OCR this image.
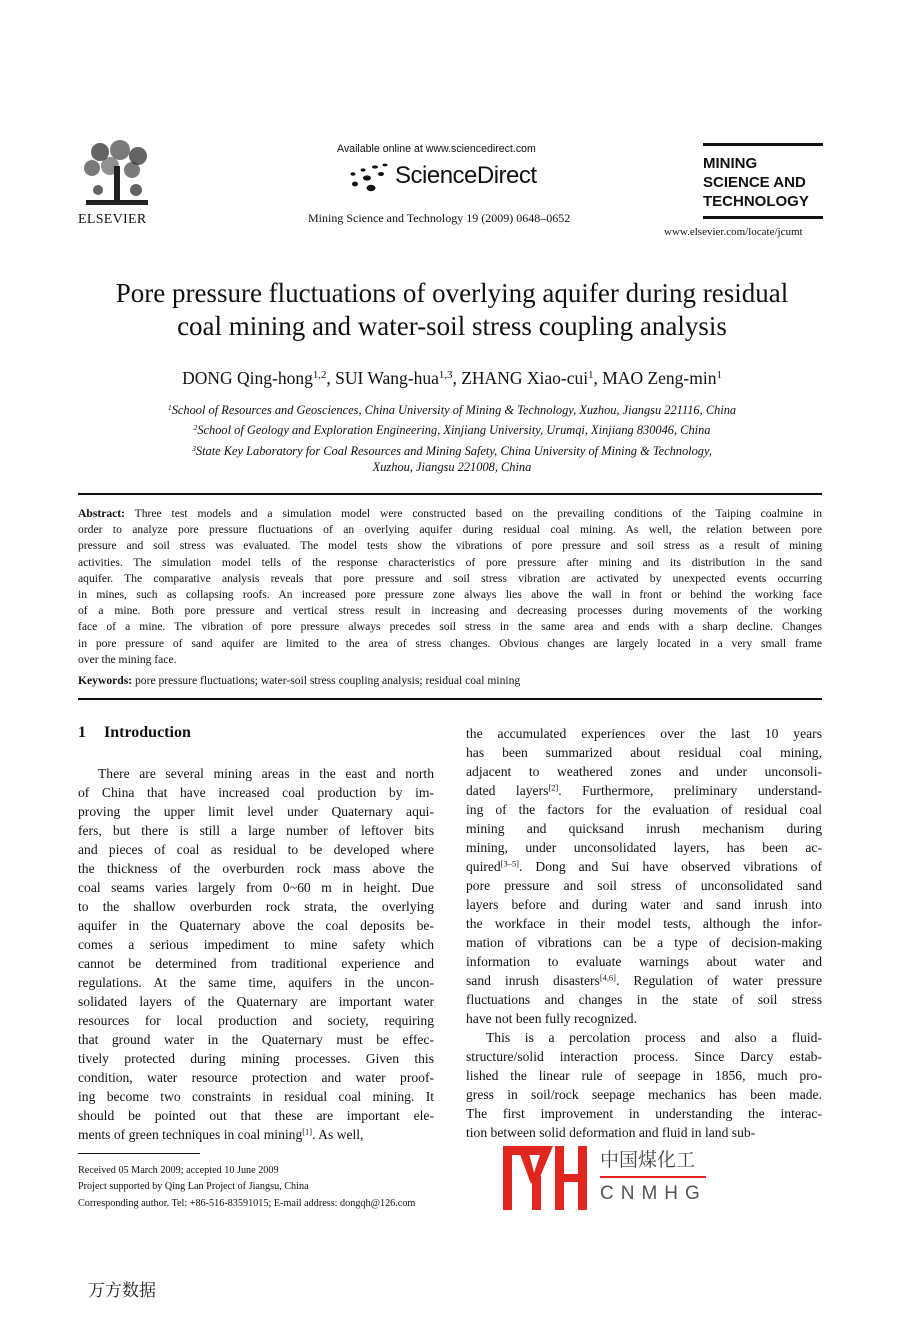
ELSEVIER
Available online at www.sciencedirect.com
ScienceDirect
Mining Science and Technology 19 (2009) 0648–0652
MINING
SCIENCE AND
TECHNOLOGY
www.elsevier.com/locate/jcumt
Pore pressure fluctuations of overlying aquifer during residual
coal mining and water-soil stress coupling analysis
DONG Qing-hong$^{1,2}$, SUI Wang-hua$^{1,3}$, ZHANG Xiao-cui$^1$, MAO Zeng-$\min^1$
$^1$School of Resources and Geosciences, China University of Mining & Technology, Xuzhou, Jiangsu 221116, China
$^2$School of Geology and Exploration Engineering, Xinjiang University, Urumqi, Xinjiang 830046, China
$^3$State Key Laboratory for Coal Resources and Mining Safety, China University of Mining & Technology,
Xuzhou, Jiangsu 221008, China
Abstract: Three test models and a simulation model were constructed based on the prevailing conditions of the Taiping coalmine in
order to analyze pore pressure fluctuations of an overlying aquifer during residual coal mining. As well, the relation between pore
pressure and soil stress was evaluated. The model tests show the vibrations of pore pressure and soil stress as a result of mining
activities. The simulation model tells of the response characteristics of pore pressure after mining and its distribution in the sand
aquifer. The comparative analysis reveals that pore pressure and soil stress vibration are activated by unexpected events occurring
in mines, such as collapsing roofs. An increased pore pressure zone always lies above the wall in front or behind the working face
of a mine. Both pore pressure and vertical stress result in increasing and decreasing processes during movements of the working
face of a mine. The vibration of pore pressure always precedes soil stress in the same area and ends with a sharp decline. Changes
in pore pressure of sand aquifer are limited to the area of stress changes. Obvious changes are largely located in a very small frame
over the mining face.
Keywords: pore pressure fluctuations; water-soil stress coupling analysis; residual coal mining
1 Introduction
There are several mining areas in the east and north
of China that have increased coal production by im-
proving the upper limit level under Quaternary aqui-
fers, but there is still a large number of leftover bits
and pieces of coal as residual to be developed where
the thickness of the overburden rock mass above the
coal seams varies largely from 0~60 m in height. Due
to the shallow overburden rock strata, the overlying
aquifer in the Quaternary above the coal deposits be-
comes a serious impediment to mine safety which
cannot be determined from traditional experience and
regulations. At the same time, aquifers in the uncon-
solidated layers of the Quaternary are important water
resources for local production and society, requiring
that ground water in the Quaternary must be effec-
tively protected during mining processes. Given this
condition, water resource protection and water proof-
ing become two constraints in residual coal mining. It
should be pointed out that these are important ele-
ments of green techniques in coal mining[1]. As well,
the accumulated experiences over the last 10 years
has been summarized about residual coal mining,
adjacent to weathered zones and under unconsoli-
dated layers[2]. Furthermore, preliminary understand-
ing of the factors for the evaluation of residual coal
mining and quicksand inrush mechanism during
mining, under unconsolidated layers, has been ac-
quired[3–5]. Dong and Sui have observed vibrations of
pore pressure and soil stress of unconsolidated sand
layers before and during water and sand inrush into
the workface in their model tests, although the infor-
mation of vibrations can be a type of decision-making
information to evaluate warnings about water and
sand inrush disasters[4,6]. Regulation of water pressure
fluctuations and changes in the state of soil stress
have not been fully recognized.
This is a percolation process and also a fluid-
structure/solid interaction process. Since Darcy estab-
lished the linear rule of seepage in 1856, much pro-
gress in soil/rock seepage mechanics has been made.
The first improvement in understanding the interac-
tion between solid deformation and fluid in land sub-
中国煤化工
CNMHG
Received 05 March 2009; accepted 10 June 2009
Project supported by Qing Lan Project of Jiangsu, China
Corresponding author. Tel: +86-516-83591015; E-mail address: dongqh@126.com
万方数据
